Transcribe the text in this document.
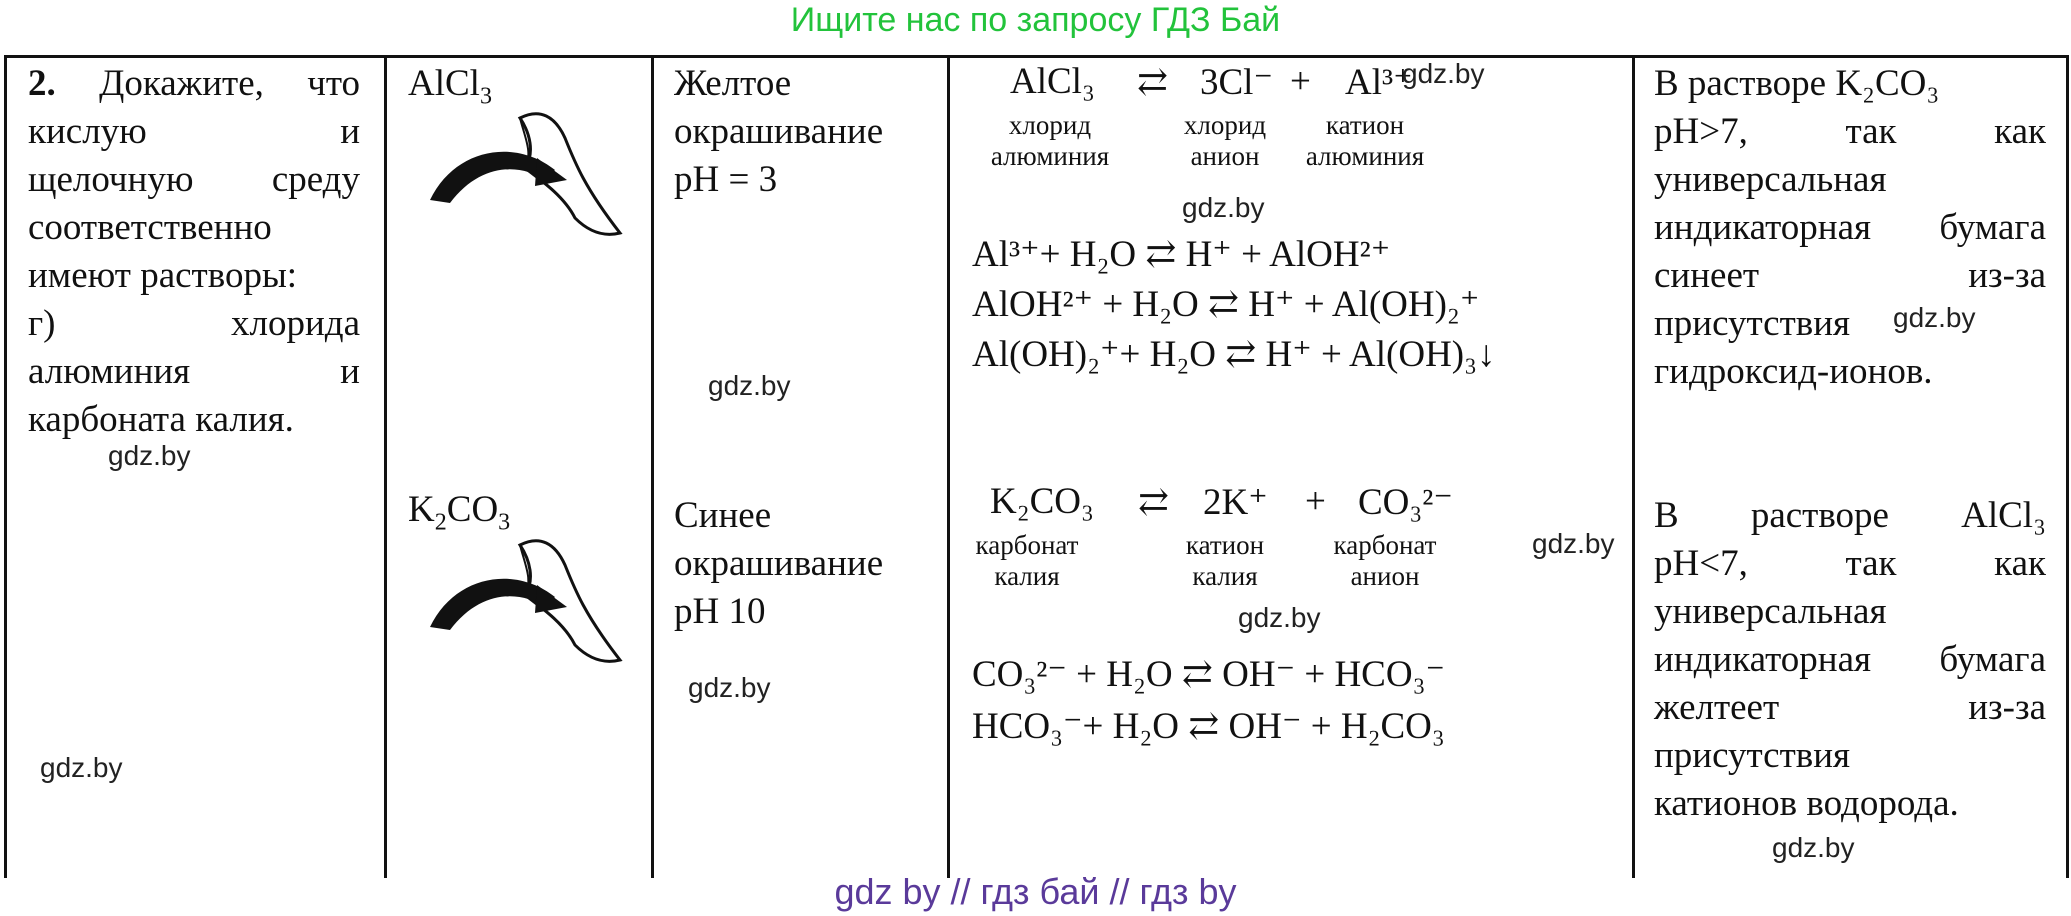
Ищите нас по запросу ГДЗ Бай
2. Докажите, что
кислую и
щелочную среду
соответственно
имеют растворы:
г) хлорида
алюминия и
карбоната калия.
AlCl$_3$
$K_2CO_3$
Желтое
окрашивание
pH = 3
Синее
окрашивание
pH 10
AlCl₃ ⇄ 3Cl⁻ + Al³⁺
хлорид
алюминия
хлорид
анион
катион
алюминия
Al³⁺+ H₂O ⇄ H⁺ + AlOH²⁺
AlOH²⁺ + H₂O ⇄ H⁺ + Al(OH)₂⁺
Al(OH)₂⁺+ H₂O ⇄ H⁺ + Al(OH)₃↓
K₂CO₃ ⇄ 2K⁺ + CO₃²⁻
карбонат
калия
катион
калия
карбонат
анион
CO₃²⁻ + H₂O ⇄ OH⁻ + HCO₃⁻
HCO₃⁻+ H₂O ⇄ OH⁻ + H₂CO₃
В растворе K₂CO₃
pH>7, так как
универсальная
индикаторная бумага
синеет из-за
присутствия
гидроксид-ионов.
В растворе AlCl₃
pH<7, так как
универсальная
индикаторная бумага
желтеет из-за
присутствия
катионов водорода.
gdz.by
gdz.by
gdz.by
gdz.by
gdz.by
gdz.by
gdz.by
gdz.by
gdz.by
gdz.by
gdz by // гдз бай // гдз by
